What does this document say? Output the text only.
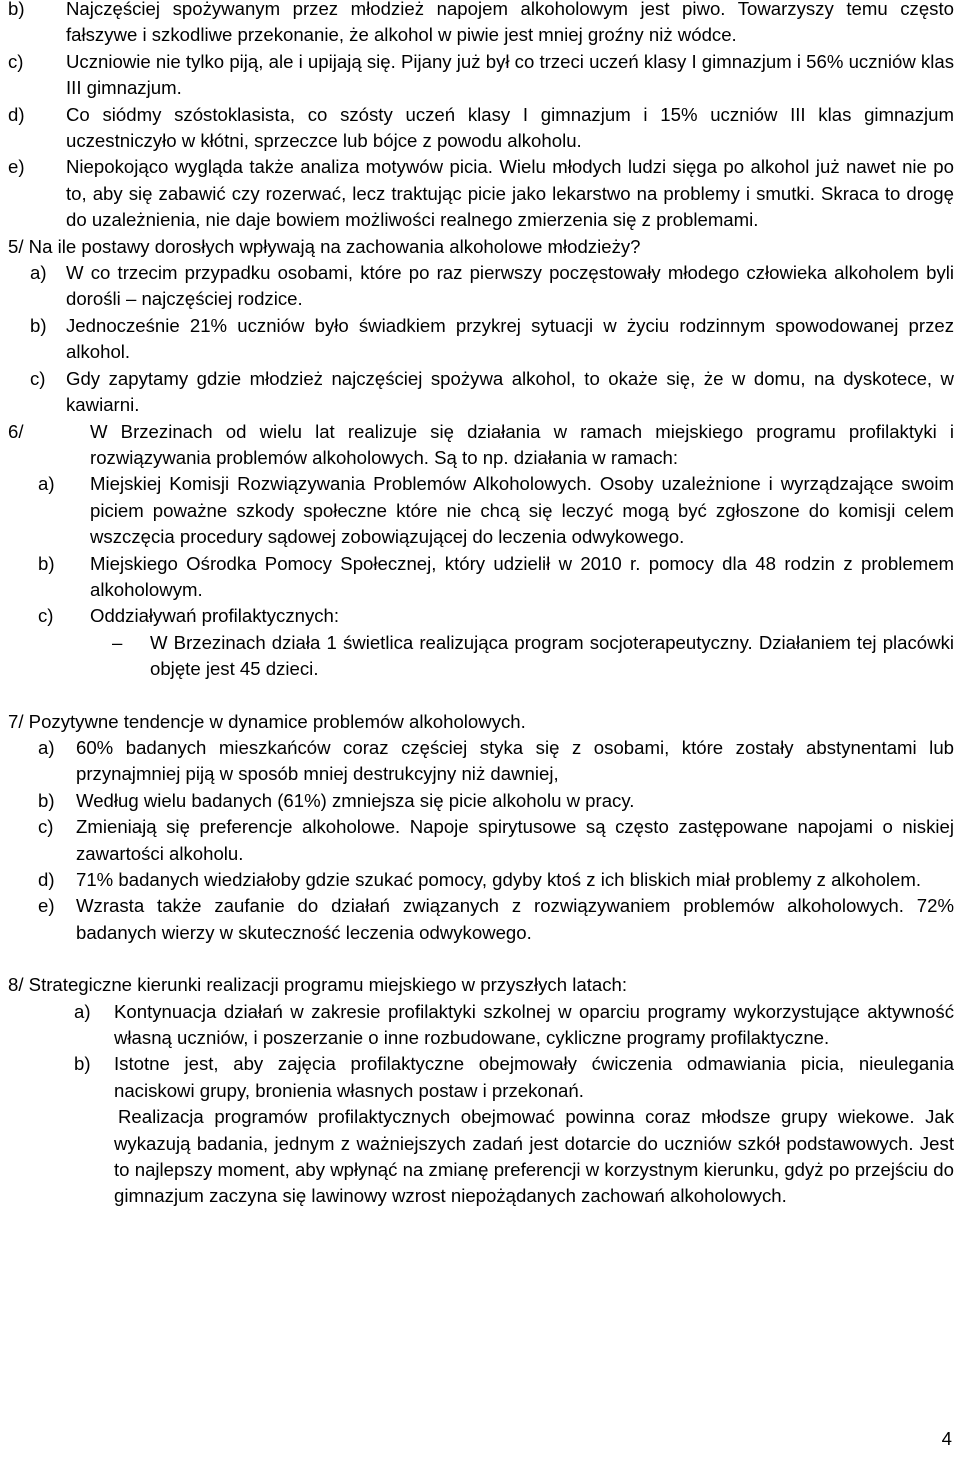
b)	Najczęściej spożywanym przez młodzież napojem alkoholowym jest piwo. Towarzyszy temu często fałszywe i szkodliwe przekonanie, że alkohol w piwie jest mniej groźny niż wódce.
c)	Uczniowie nie tylko piją, ale i upijają się. Pijany już był co trzeci uczeń klasy I gimnazjum i 56% uczniów klas III gimnazjum.
d)	Co siódmy szóstoklasista, co szósty uczeń klasy I gimnazjum i 15% uczniów III klas gimnazjum uczestniczyło w kłótni, sprzeczce lub bójce z powodu alkoholu.
e)	Niepokojąco wygląda także analiza motywów picia. Wielu młodych ludzi sięga po alkohol już nawet nie po to, aby się zabawić czy rozerwać, lecz traktując picie jako lekarstwo na problemy i smutki. Skraca to drogę do uzależnienia, nie daje bowiem możliwości realnego zmierzenia się z problemami.
5/ Na ile postawy dorosłych wpływają na zachowania alkoholowe młodzieży?
a)	W co trzecim przypadku osobami, które po raz pierwszy poczęstowały młodego człowieka alkoholem byli dorośli – najczęściej rodzice.
b)	Jednocześnie 21% uczniów było świadkiem przykrej sytuacji w życiu rodzinnym spowodowanej przez alkohol.
c)	Gdy zapytamy gdzie młodzież najczęściej spożywa alkohol, to okaże się, że w domu, na dyskotece, w kawiarni.
6/	W Brzezinach od wielu lat realizuje się działania w ramach miejskiego programu profilaktyki i rozwiązywania problemów alkoholowych. Są to np. działania w ramach:
a)	Miejskiej Komisji Rozwiązywania Problemów Alkoholowych. Osoby uzależnione i wyrządzające swoim piciem poważne szkody społeczne które nie chcą się leczyć mogą być zgłoszone do komisji celem wszczęcia procedury sądowej zobowiązującej do leczenia odwykowego.
b)	Miejskiego Ośrodka Pomocy Społecznej, który udzielił w 2010 r. pomocy dla 48 rodzin z problemem alkoholowym.
c)	Oddziaływań profilaktycznych:
–	W Brzezinach działa 1 świetlica realizująca program socjoterapeutyczny. Działaniem tej placówki objęte jest 45 dzieci.
7/ Pozytywne tendencje w dynamice problemów alkoholowych.
a)	60% badanych mieszkańców coraz częściej styka się z osobami, które zostały abstynentami lub przynajmniej piją w sposób mniej destrukcyjny niż dawniej,
b)	Według wielu badanych (61%) zmniejsza się picie alkoholu w pracy.
c)	Zmieniają się preferencje alkoholowe. Napoje spirytusowe są często zastępowane napojami o niskiej zawartości alkoholu.
d)	71% badanych wiedziałoby gdzie szukać pomocy, gdyby ktoś z ich bliskich miał problemy z alkoholem.
e)	Wzrasta także zaufanie do działań związanych z rozwiązywaniem problemów alkoholowych. 72% badanych wierzy w skuteczność leczenia odwykowego.
8/ Strategiczne kierunki realizacji programu miejskiego w przyszłych latach:
a)	Kontynuacja działań w zakresie profilaktyki szkolnej w oparciu programy wykorzystujące aktywność własną uczniów, i poszerzanie o inne rozbudowane, cykliczne programy profilaktyczne.
b)	Istotne jest, aby zajęcia profilaktyczne obejmowały ćwiczenia odmawiania picia, nieulegania naciskowi grupy, bronienia własnych postaw i przekonań.
Realizacja programów profilaktycznych obejmować powinna coraz młodsze grupy wiekowe. Jak wykazują badania, jednym z ważniejszych zadań jest dotarcie do uczniów szkół podstawowych. Jest to najlepszy moment, aby wpłynąć na zmianę preferencji w korzystnym kierunku, gdyż po przejściu do gimnazjum zaczyna się lawinowy wzrost niepożądanych zachowań alkoholowych.
4
